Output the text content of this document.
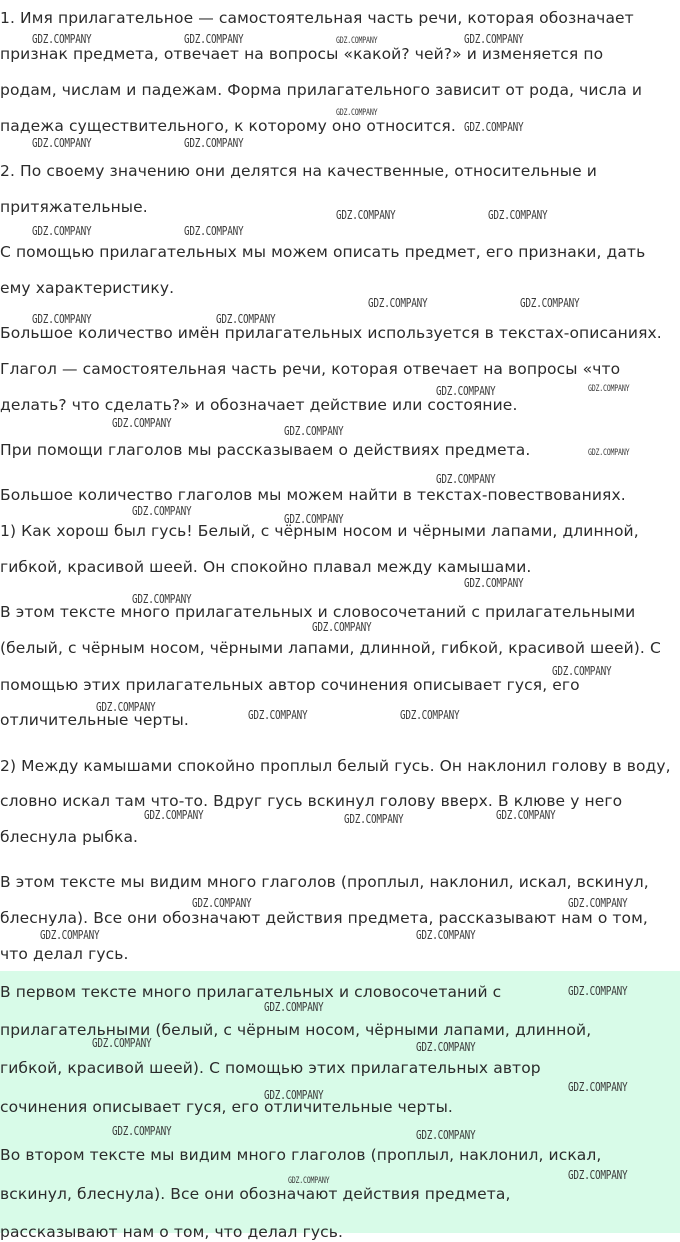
1. Имя прилагательное — самостоятельная часть речи, которая обозначает

признак предмета, отвечает на вопросы «какой? чей?» и изменяется по

родам, числам и падежам. Форма прилагательного зависит от рода, числа и

падежа существительного, к которому оно относится.

2. По своему значению они делятся на качественные, относительные и

притяжательные.

С помощью прилагательных мы можем описать предмет, его признаки, дать

ему характеристику.

Большое количество имён прилагательных используется в текстах-описаниях.

Глагол — самостоятельная часть речи, которая отвечает на вопросы «что

делать? что сделать?» и обозначает действие или состояние.

При помощи глаголов мы рассказываем о действиях предмета.

Большое количество глаголов мы можем найти в текстах-повествованиях.

1) Как хорош был гусь! Белый, с чёрным носом и чёрными лапами, длинной,

гибкой, красивой шеей. Он спокойно плавал между камышами.

В этом тексте много прилагательных и словосочетаний с прилагательными

(белый, с чёрным носом, чёрными лапами, длинной, гибкой, красивой шеей). С

помощью этих прилагательных автор сочинения описывает гуся, его

отличительные черты.

2) Между камышами спокойно проплыл белый гусь. Он наклонил голову в воду,

словно искал там что-то. Вдруг гусь вскинул голову вверх. В клюве у него

блеснула рыбка.

В этом тексте мы видим много глаголов (проплыл, наклонил, искал, вскинул,

блеснула). Все они обозначают действия предмета, рассказывают нам о том,

что делал гусь.

В первом тексте много прилагательных и словосочетаний с

прилагательными (белый, с чёрным носом, чёрными лапами, длинной,

гибкой, красивой шеей). С помощью этих прилагательных автор

сочинения описывает гуся, его отличительные черты.

Во втором тексте мы видим много глаголов (проплыл, наклонил, искал,

вскинул, блеснула). Все они обозначают действия предмета,

рассказывают нам о том, что делал гусь.

GDZ.COMPANY	GDZ.COMPANY	GDZ.COMPANY	GDZ.COMPANY
GDZ.COMPANY
GDZ.COMPANY
GDZ.COMPANY	GDZ.COMPANY
GDZ.COMPANY	GDZ.COMPANY
GDZ.COMPANY	GDZ.COMPANY
GDZ.COMPANY	GDZ.COMPANY
GDZ.COMPANY	GDZ.COMPANY
GDZ.COMPANY	GDZ.COMPANY
GDZ.COMPANY
GDZ.COMPANY
GDZ.COMPANY
GDZ.COMPANY
GDZ.COMPANY
GDZ.COMPANY
GDZ.COMPANY
GDZ.COMPANY
GDZ.COMPANY
GDZ.COMPANY
GDZ.COMPANY
GDZ.COMPANY	GDZ.COMPANY
GDZ.COMPANY	GDZ.COMPANY	GDZ.COMPANY
GDZ.COMPANY	GDZ.COMPANY
GDZ.COMPANY	GDZ.COMPANY
GDZ.COMPANY
GDZ.COMPANY
GDZ.COMPANY	GDZ.COMPANY
GDZ.COMPANY
GDZ.COMPANY
GDZ.COMPANY	GDZ.COMPANY
GDZ.COMPANY
GDZ.COMPANY
